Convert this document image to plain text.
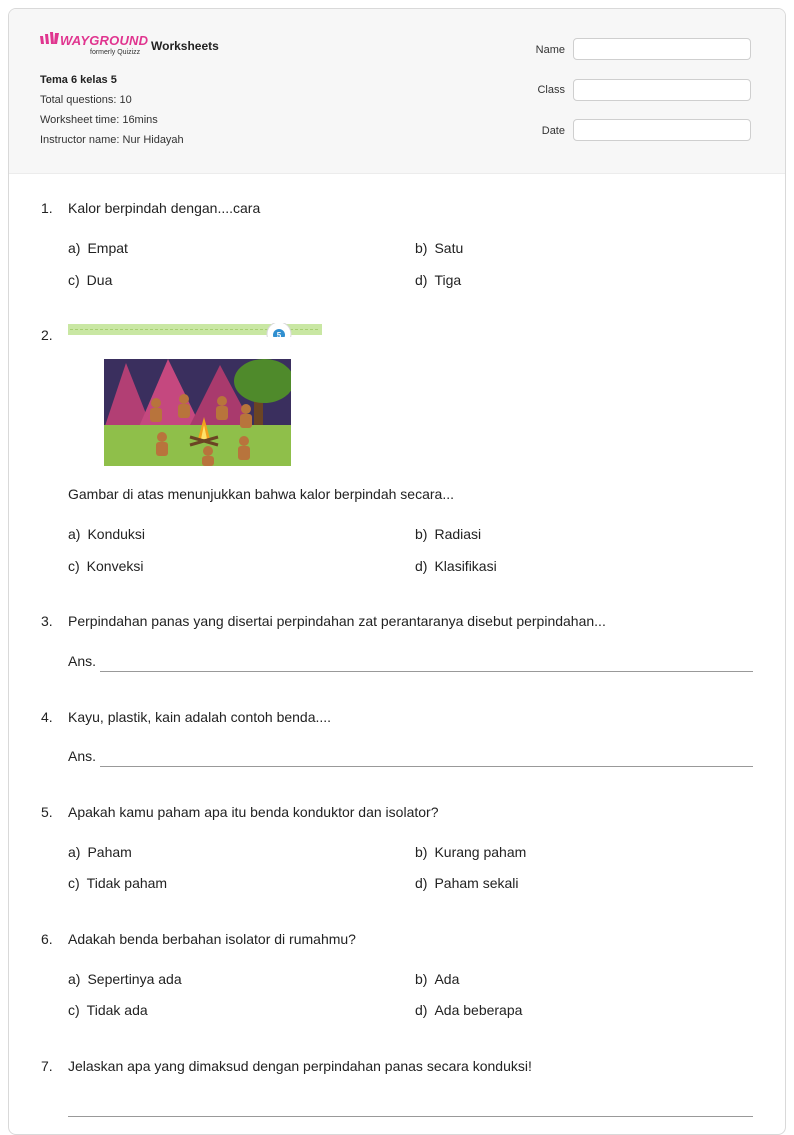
WAYGROUND
formerly Quizizz Worksheets
Tema 6 kelas 5
Total questions: 10
Worksheet time: 16mins
Instructor name: Nur Hidayah
Name
Class
Date
1. Kalor berpindah dengan....cara
a) Empat	b) Satu
c) Dua	d) Tiga
2.	5
Gambar di atas menunjukkan bahwa kalor berpindah secara...
a) Konduksi	b) Radiasi
c) Konveksi	d) Klasifikasi
3. Perpindahan panas yang disertai perpindahan zat perantaranya disebut perpindahan...
Ans.
4. Kayu, plastik, kain adalah contoh benda....
Ans.
5. Apakah kamu paham apa itu benda konduktor dan isolator?
a) Paham	b) Kurang paham
c) Tidak paham	d) Paham sekali
6. Adakah benda berbahan isolator di rumahmu?
a) Sepertinya ada	b) Ada
c) Tidak ada	d) Ada beberapa
7. Jelaskan apa yang dimaksud dengan perpindahan panas secara konduksi!
